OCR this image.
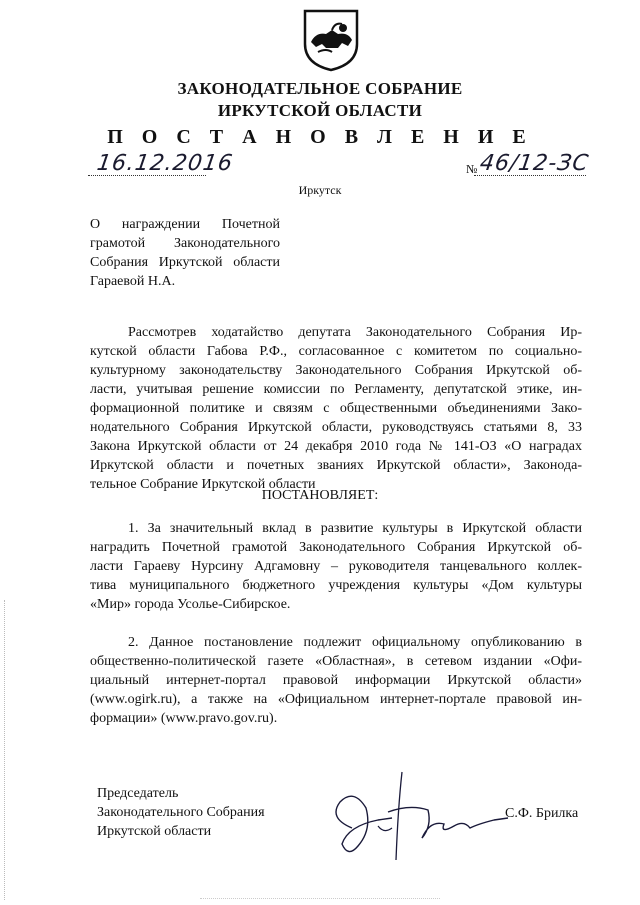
ЗАКОНОДАТЕЛЬНОЕ СОБРАНИЕ
ИРКУТСКОЙ ОБЛАСТИ
П О С Т А Н О В Л Е Н И Е
16.12.2016	№ 46/12-ЗС
Иркутск
О награждении Почетной
грамотой Законодательного
Собрания Иркутской области
Гараевой Н.А.
Рассмотрев ходатайство депутата Законодательного Собрания Ир-
кутской области Габова Р.Ф., согласованное с комитетом по социально-
культурному законодательству Законодательного Собрания Иркутской об-
ласти, учитывая решение комиссии по Регламенту, депутатской этике, ин-
формационной политике и связям с общественными объединениями Зако-
нодательного Собрания Иркутской области, руководствуясь статьями 8, 33
Закона Иркутской области от 24 декабря 2010 года № 141-ОЗ «О наградах
Иркутской области и почетных званиях Иркутской области», Законода-
тельное Собрание Иркутской области
ПОСТАНОВЛЯЕТ:
1. За значительный вклад в развитие культуры в Иркутской области
наградить Почетной грамотой Законодательного Собрания Иркутской об-
ласти Гараеву Нурсину Адгамовну – руководителя танцевального коллек-
тива муниципального бюджетного учреждения культуры «Дом культуры
«Мир» города Усолье-Сибирское.
2. Данное постановление подлежит официальному опубликованию в
общественно-политической газете «Областная», в сетевом издании «Офи-
циальный интернет-портал правовой информации Иркутской области»
(www.ogirk.ru), а также на «Официальном интернет-портале правовой ин-
формации» (www.pravo.gov.ru).
Председатель
Законодательного Собрания
Иркутской области
С.Ф. Брилка
